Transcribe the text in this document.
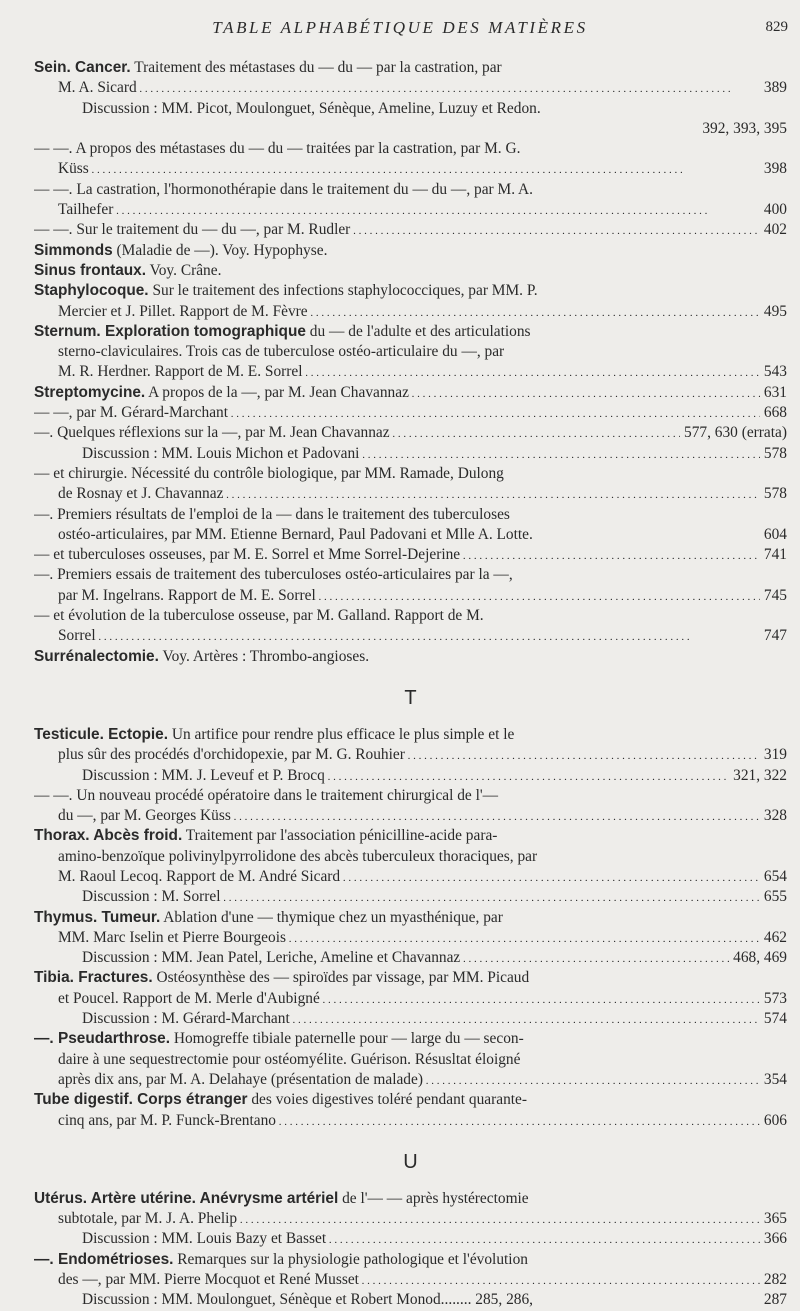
TABLE ALPHABÉTIQUE DES MATIÈRES	829
Sein. Cancer. Traitement des métastases du — du — par la castration, par
M. A. Sicard	389
. . .
Discussion : MM. Picot, Moulonguet, Sénèque, Ameline, Luzuy et Redon.
392, 393, 395
— —. A propos des métastases du — du — traitées par la castration, par M. G.
Küss	398
. . .
— —. La castration, l'hormonothérapie dans le traitement du — du —, par M. A.
Tailhefer	400
. . .
— —. Sur le traitement du — du —, par M. Rudler	402
. . .
Simmonds (Maladie de —). Voy. Hypophyse.
Sinus frontaux. Voy. Crâne.
Staphylocoque. Sur le traitement des infections staphylococciques, par MM. P.
Mercier et J. Pillet. Rapport de M. Fèvre	495
. . .
Sternum. Exploration tomographique du — de l'adulte et des articulations
sterno-claviculaires. Trois cas de tuberculose ostéo-articulaire du —, par
M. R. Herdner. Rapport de M. E. Sorrel	543
. . .
Streptomycine. A propos de la —, par M. Jean Chavannaz	631
. . .
— —, par M. Gérard-Marchant	668
. . .
—. Quelques réflexions sur la —, par M. Jean Chavannaz	577, 630 (errata)
. . .
Discussion : MM. Louis Michon et Padovani	578
. . .
— et chirurgie. Nécessité du contrôle biologique, par MM. Ramade, Dulong
de Rosnay et J. Chavannaz	578
. . .
—. Premiers résultats de l'emploi de la — dans le traitement des tuberculoses
ostéo-articulaires, par MM. Etienne Bernard, Paul Padovani et Mlle A. Lotte.	604
— et tuberculoses osseuses, par M. E. Sorrel et Mme Sorrel-Dejerine	741
. . .
—. Premiers essais de traitement des tuberculoses ostéo-articulaires par la —,
par M. Ingelrans. Rapport de M. E. Sorrel	745
. . .
— et évolution de la tuberculose osseuse, par M. Galland. Rapport de M.
Sorrel	747
. . .
Surrénalectomie. Voy. Artères : Thrombo-angioses.
T
Testicule. Ectopie. Un artifice pour rendre plus efficace le plus simple et le
plus sûr des procédés d'orchidopexie, par M. G. Rouhier	319
. . .
Discussion : MM. J. Leveuf et P. Brocq	321, 322
. . .
— —. Un nouveau procédé opératoire dans le traitement chirurgical de l'—
du —, par M. Georges Küss	328
. . .
Thorax. Abcès froid. Traitement par l'association pénicilline-acide para-
amino-benzoïque polivinylpyrrolidone des abcès tuberculeux thoraciques, par
M. Raoul Lecoq. Rapport de M. André Sicard	654
. . .
Discussion : M. Sorrel	655
. . .
Thymus. Tumeur. Ablation d'une — thymique chez un myasthénique, par
MM. Marc Iselin et Pierre Bourgeois	462
. . .
Discussion : MM. Jean Patel, Leriche, Ameline et Chavannaz	468, 469
. . .
Tibia. Fractures. Ostéosynthèse des — spiroïdes par vissage, par MM. Picaud
et Poucel. Rapport de M. Merle d'Aubigné	573
. . .
Discussion : M. Gérard-Marchant	574
. . .
—. Pseudarthrose. Homogreffe tibiale paternelle pour — large du — secon-
daire à une sequestrectomie pour ostéomyélite. Guérison. Résusltat éloigné
après dix ans, par M. A. Delahaye (présentation de malade)	354
. . .
Tube digestif. Corps étranger des voies digestives toléré pendant quarante-
cinq ans, par M. P. Funck-Brentano	606
. . .
U
Utérus. Artère utérine. Anévrysme artériel de l'— — après hystérectomie
subtotale, par M. J. A. Phelip	365
. . .
Discussion : MM. Louis Bazy et Basset	366
. . .
—. Endométrioses. Remarques sur la physiologie pathologique et l'évolution
des —, par MM. Pierre Mocquot et René Musset	282
. . .
Discussion : MM. Moulonguet, Sénèque et Robert Monod........ 285, 286,	287
